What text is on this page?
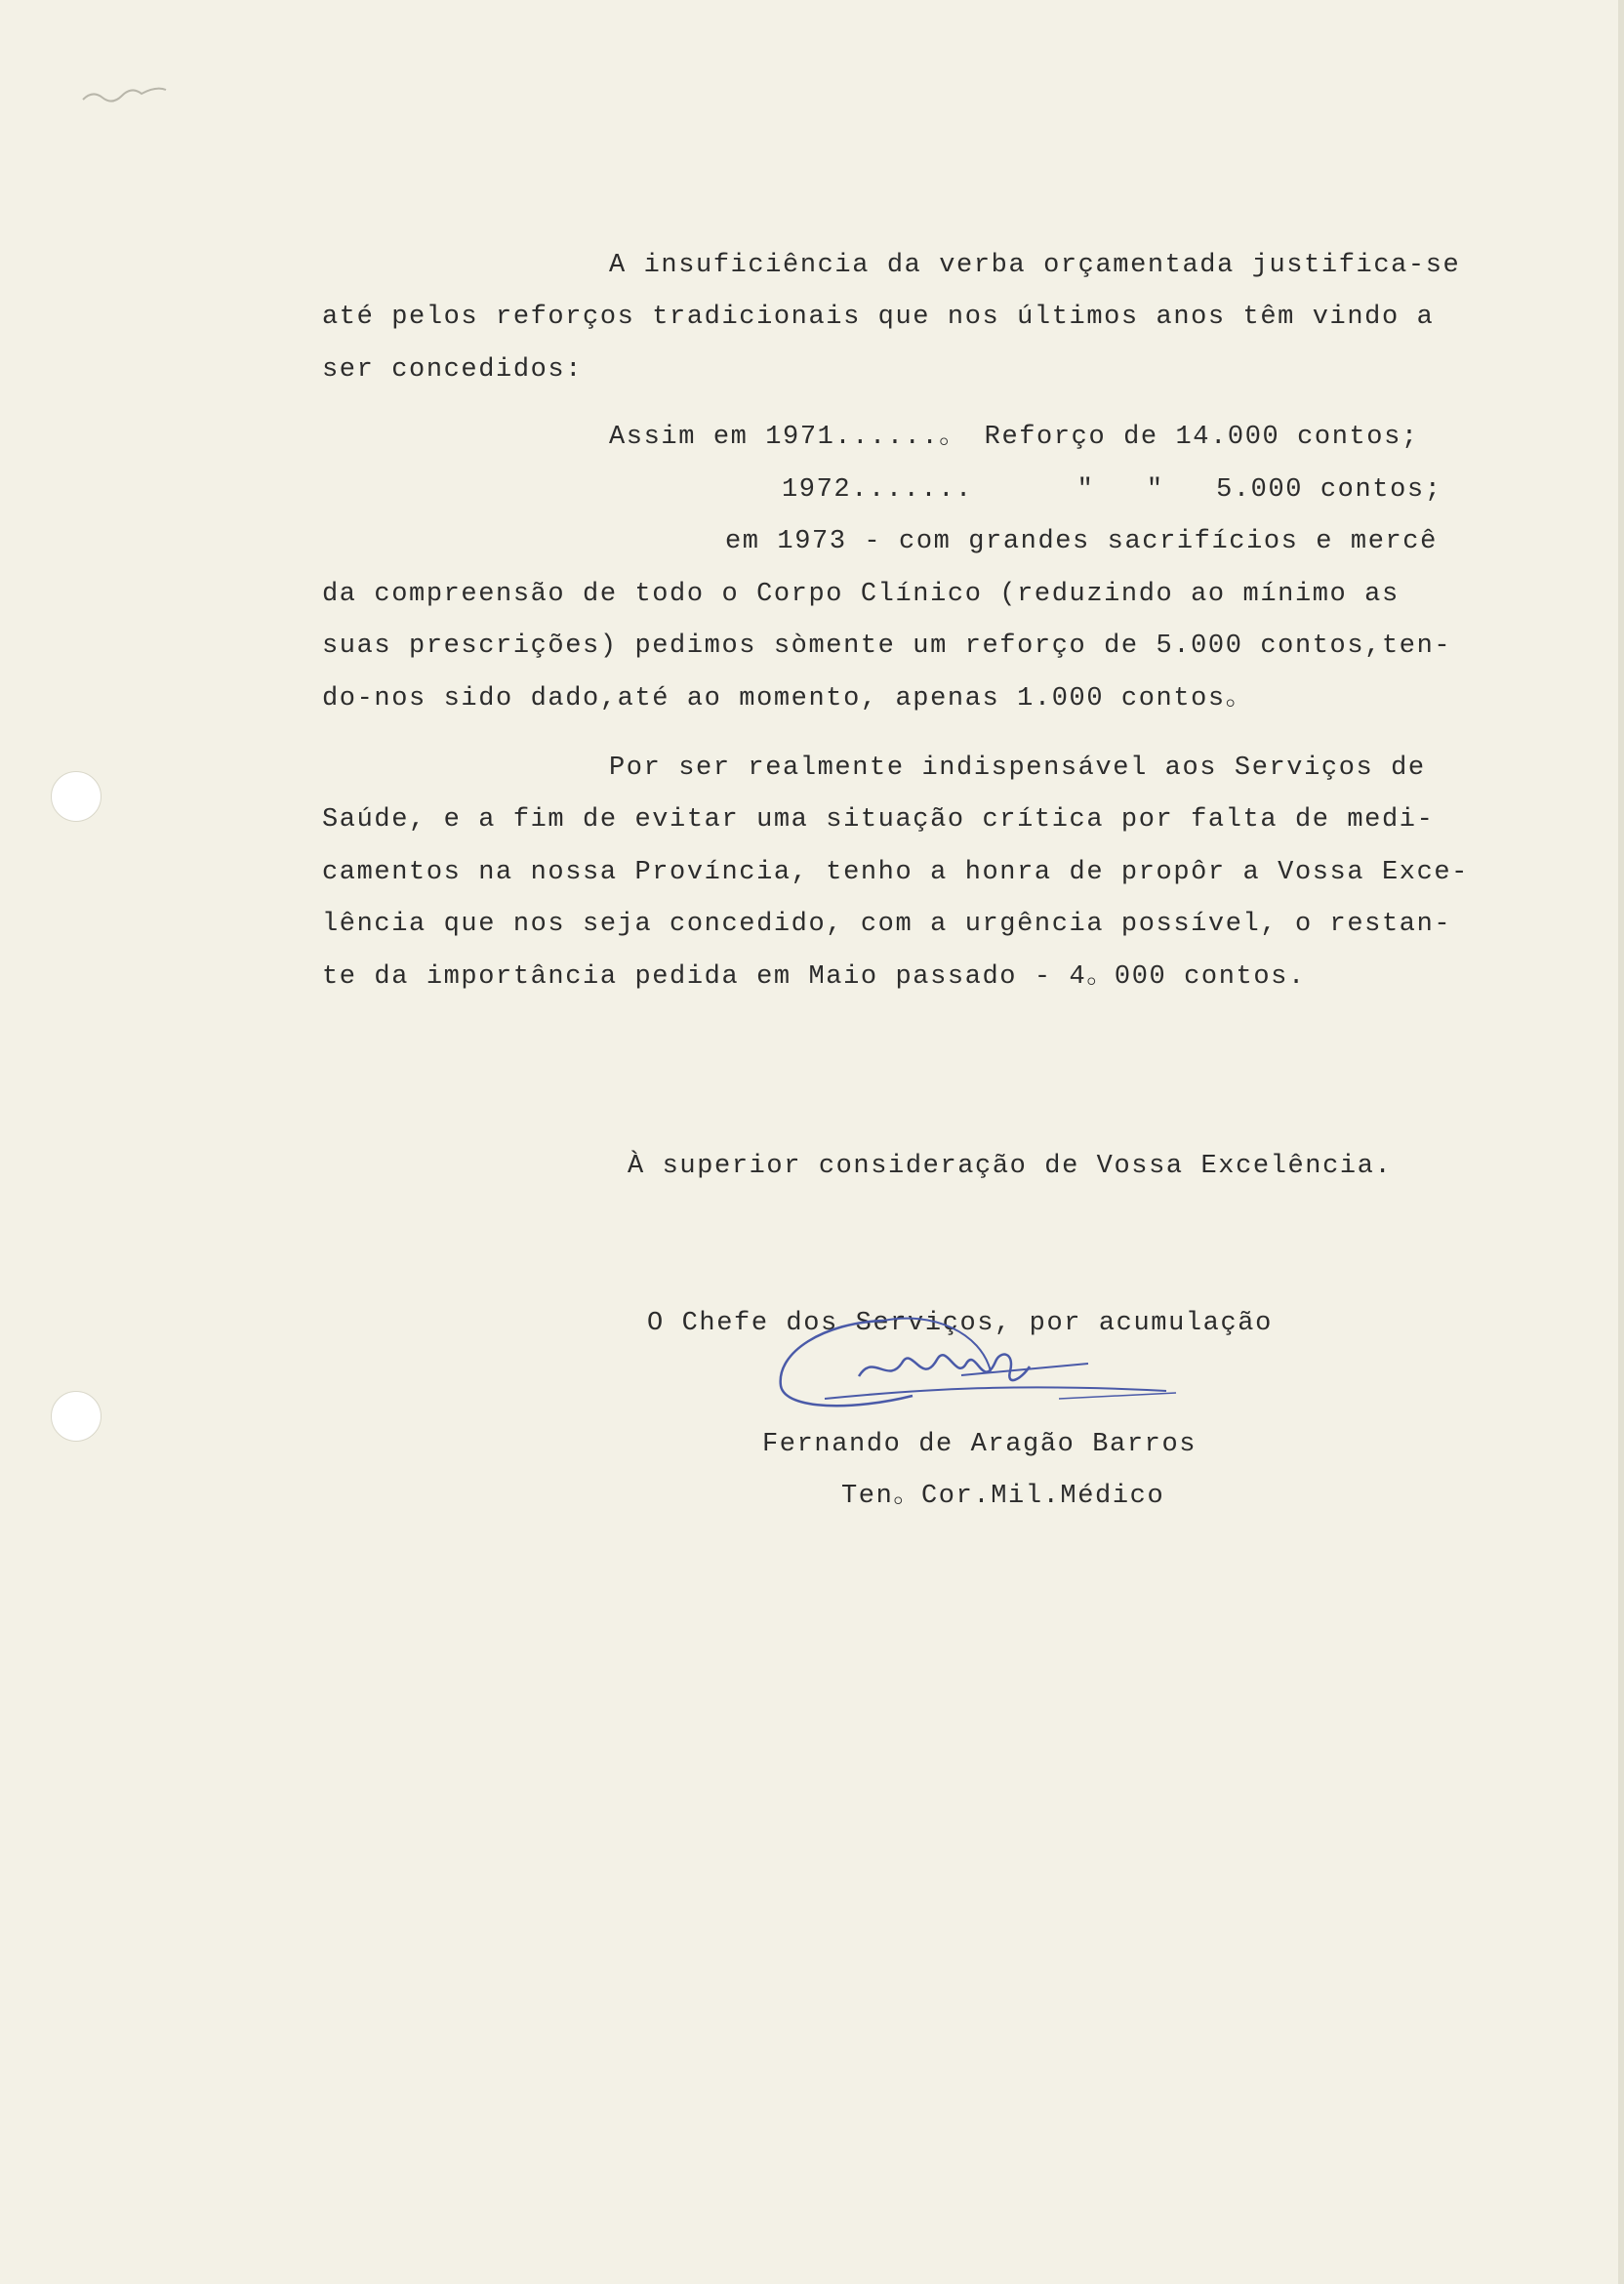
A insuficiência da verba orçamentada justifica-se
até pelos reforços tradicionais que nos últimos anos têm vindo a
ser concedidos:
Assim em 1971......。 Reforço de 14.000 contos;
1972.......      "   "   5.000 contos;
em 1973 - com grandes sacrifícios e mercê
da compreensão de todo o Corpo Clínico (reduzindo ao mínimo as
suas prescrições) pedimos sòmente um reforço de 5.000 contos,ten-
do-nos sido dado,até ao momento, apenas 1.000 contos。
Por ser realmente indispensável aos Serviços de
Saúde, e a fim de evitar uma situação crítica por falta de medi-
camentos na nossa Província, tenho a honra de propôr a Vossa Exce-
lência que nos seja concedido, com a urgência possível, o restan-
te da importância pedida em Maio passado - 4。000 contos.
À superior consideração de Vossa Excelência.
O Chefe dos Serviços, por acumulação
Fernando de Aragão Barros
Ten。Cor.Mil.Médico
